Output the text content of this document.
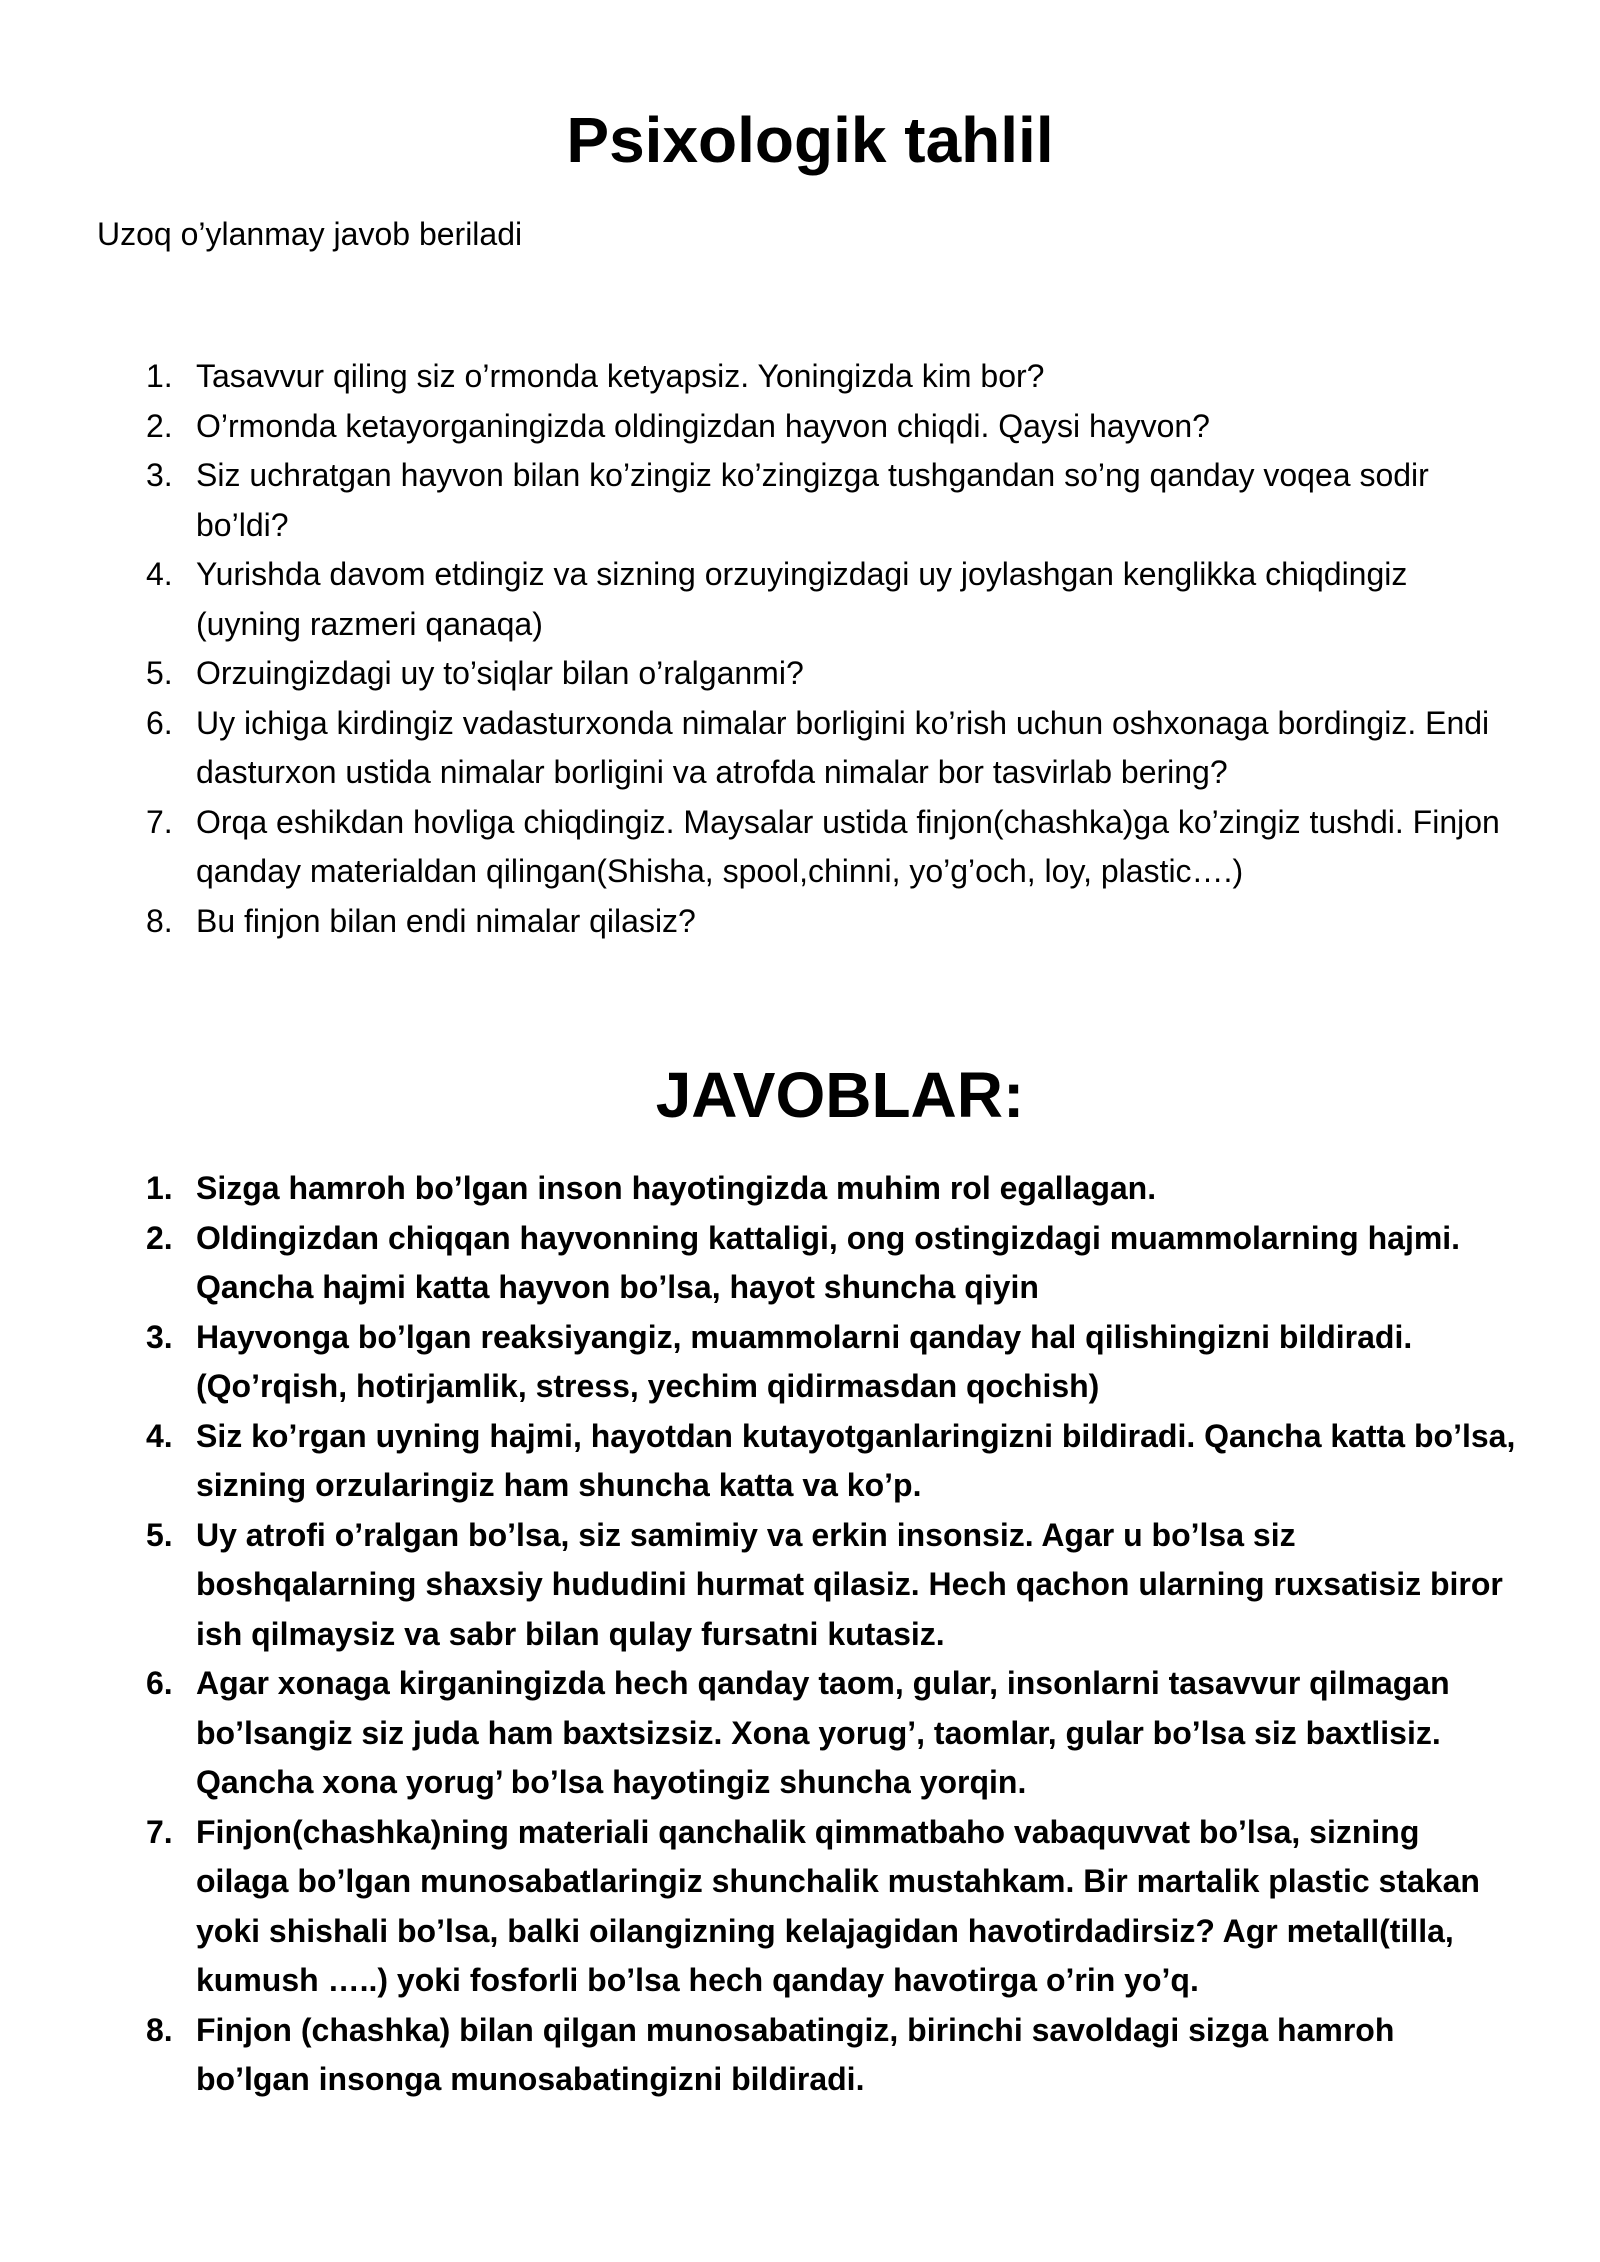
Psixologik tahlil

Uzoq o’ylanmay javob beriladi

1. Tasavvur qiling siz o’rmonda ketyapsiz. Yoningizda kim bor?
2. O’rmonda ketayorganingizda oldingizdan hayvon chiqdi. Qaysi hayvon?
3. Siz uchratgan hayvon bilan ko’zingiz ko’zingizga tushgandan so’ng qanday voqea sodir bo’ldi?
4. Yurishda davom etdingiz va sizning orzuyingizdagi uy joylashgan kenglikka chiqdingiz (uyning razmeri qanaqa)
5. Orzuingizdagi uy to’siqlar bilan o’ralganmi?
6. Uy ichiga kirdingiz vadasturxonda nimalar borligini ko’rish uchun oshxonaga bordingiz. Endi dasturxon ustida nimalar borligini va atrofda nimalar bor tasvirlab bering?
7. Orqa eshikdan hovliga chiqdingiz. Maysalar ustida finjon(chashka)ga ko’zingiz tushdi. Finjon qanday materialdan qilingan(Shisha, spool,chinni, yo’g’och, loy, plastic….)
8. Bu finjon bilan endi nimalar qilasiz?
JAVOBLAR:
1. Sizga hamroh bo’lgan inson hayotingizda muhim rol egallagan.
2. Oldingizdan chiqqan hayvonning kattaligi, ong ostingizdagi muammolarning hajmi. Qancha hajmi katta hayvon bo’lsa, hayot shuncha qiyin
3. Hayvonga bo’lgan reaksiyangiz, muammolarni qanday hal qilishingizni bildiradi. (Qo’rqish, hotirjamlik, stress, yechim qidirmasdan qochish)
4. Siz ko’rgan uyning hajmi, hayotdan kutayotganlaringizni bildiradi. Qancha katta bo’lsa, sizning orzularingiz ham shuncha katta va ko’p.
5. Uy atrofi o’ralgan bo’lsa, siz samimiy va erkin insonsiz. Agar u bo’lsa siz boshqalarning shaxsiy hududini hurmat qilasiz. Hech qachon ularning ruxsatisiz biror ish qilmaysiz va sabr bilan qulay fursatni kutasiz.
6. Agar xonaga kirganingizda hech qanday taom, gular, insonlarni tasavvur qilmagan bo’lsangiz siz juda ham baxtsizsiz. Xona yorug’, taomlar, gular bo’lsa siz baxtlisiz. Qancha xona yorug’ bo’lsa hayotingiz shuncha yorqin.
7. Finjon(chashka)ning materiali qanchalik qimmatbaho vabaquvvat bo’lsa, sizning oilaga bo’lgan munosabatlaringiz shunchalik mustahkam. Bir martalik plastic stakan yoki shishali bo’lsa, balki oilangizning kelajagidan havotirdadirsiz? Agr metall(tilla, kumush …..) yoki fosforli bo’lsa hech qanday havotirga o’rin yo’q.
8. Finjon (chashka) bilan qilgan munosabatingiz, birinchi savoldagi sizga hamroh bo’lgan insonga munosabatingizni bildiradi.
